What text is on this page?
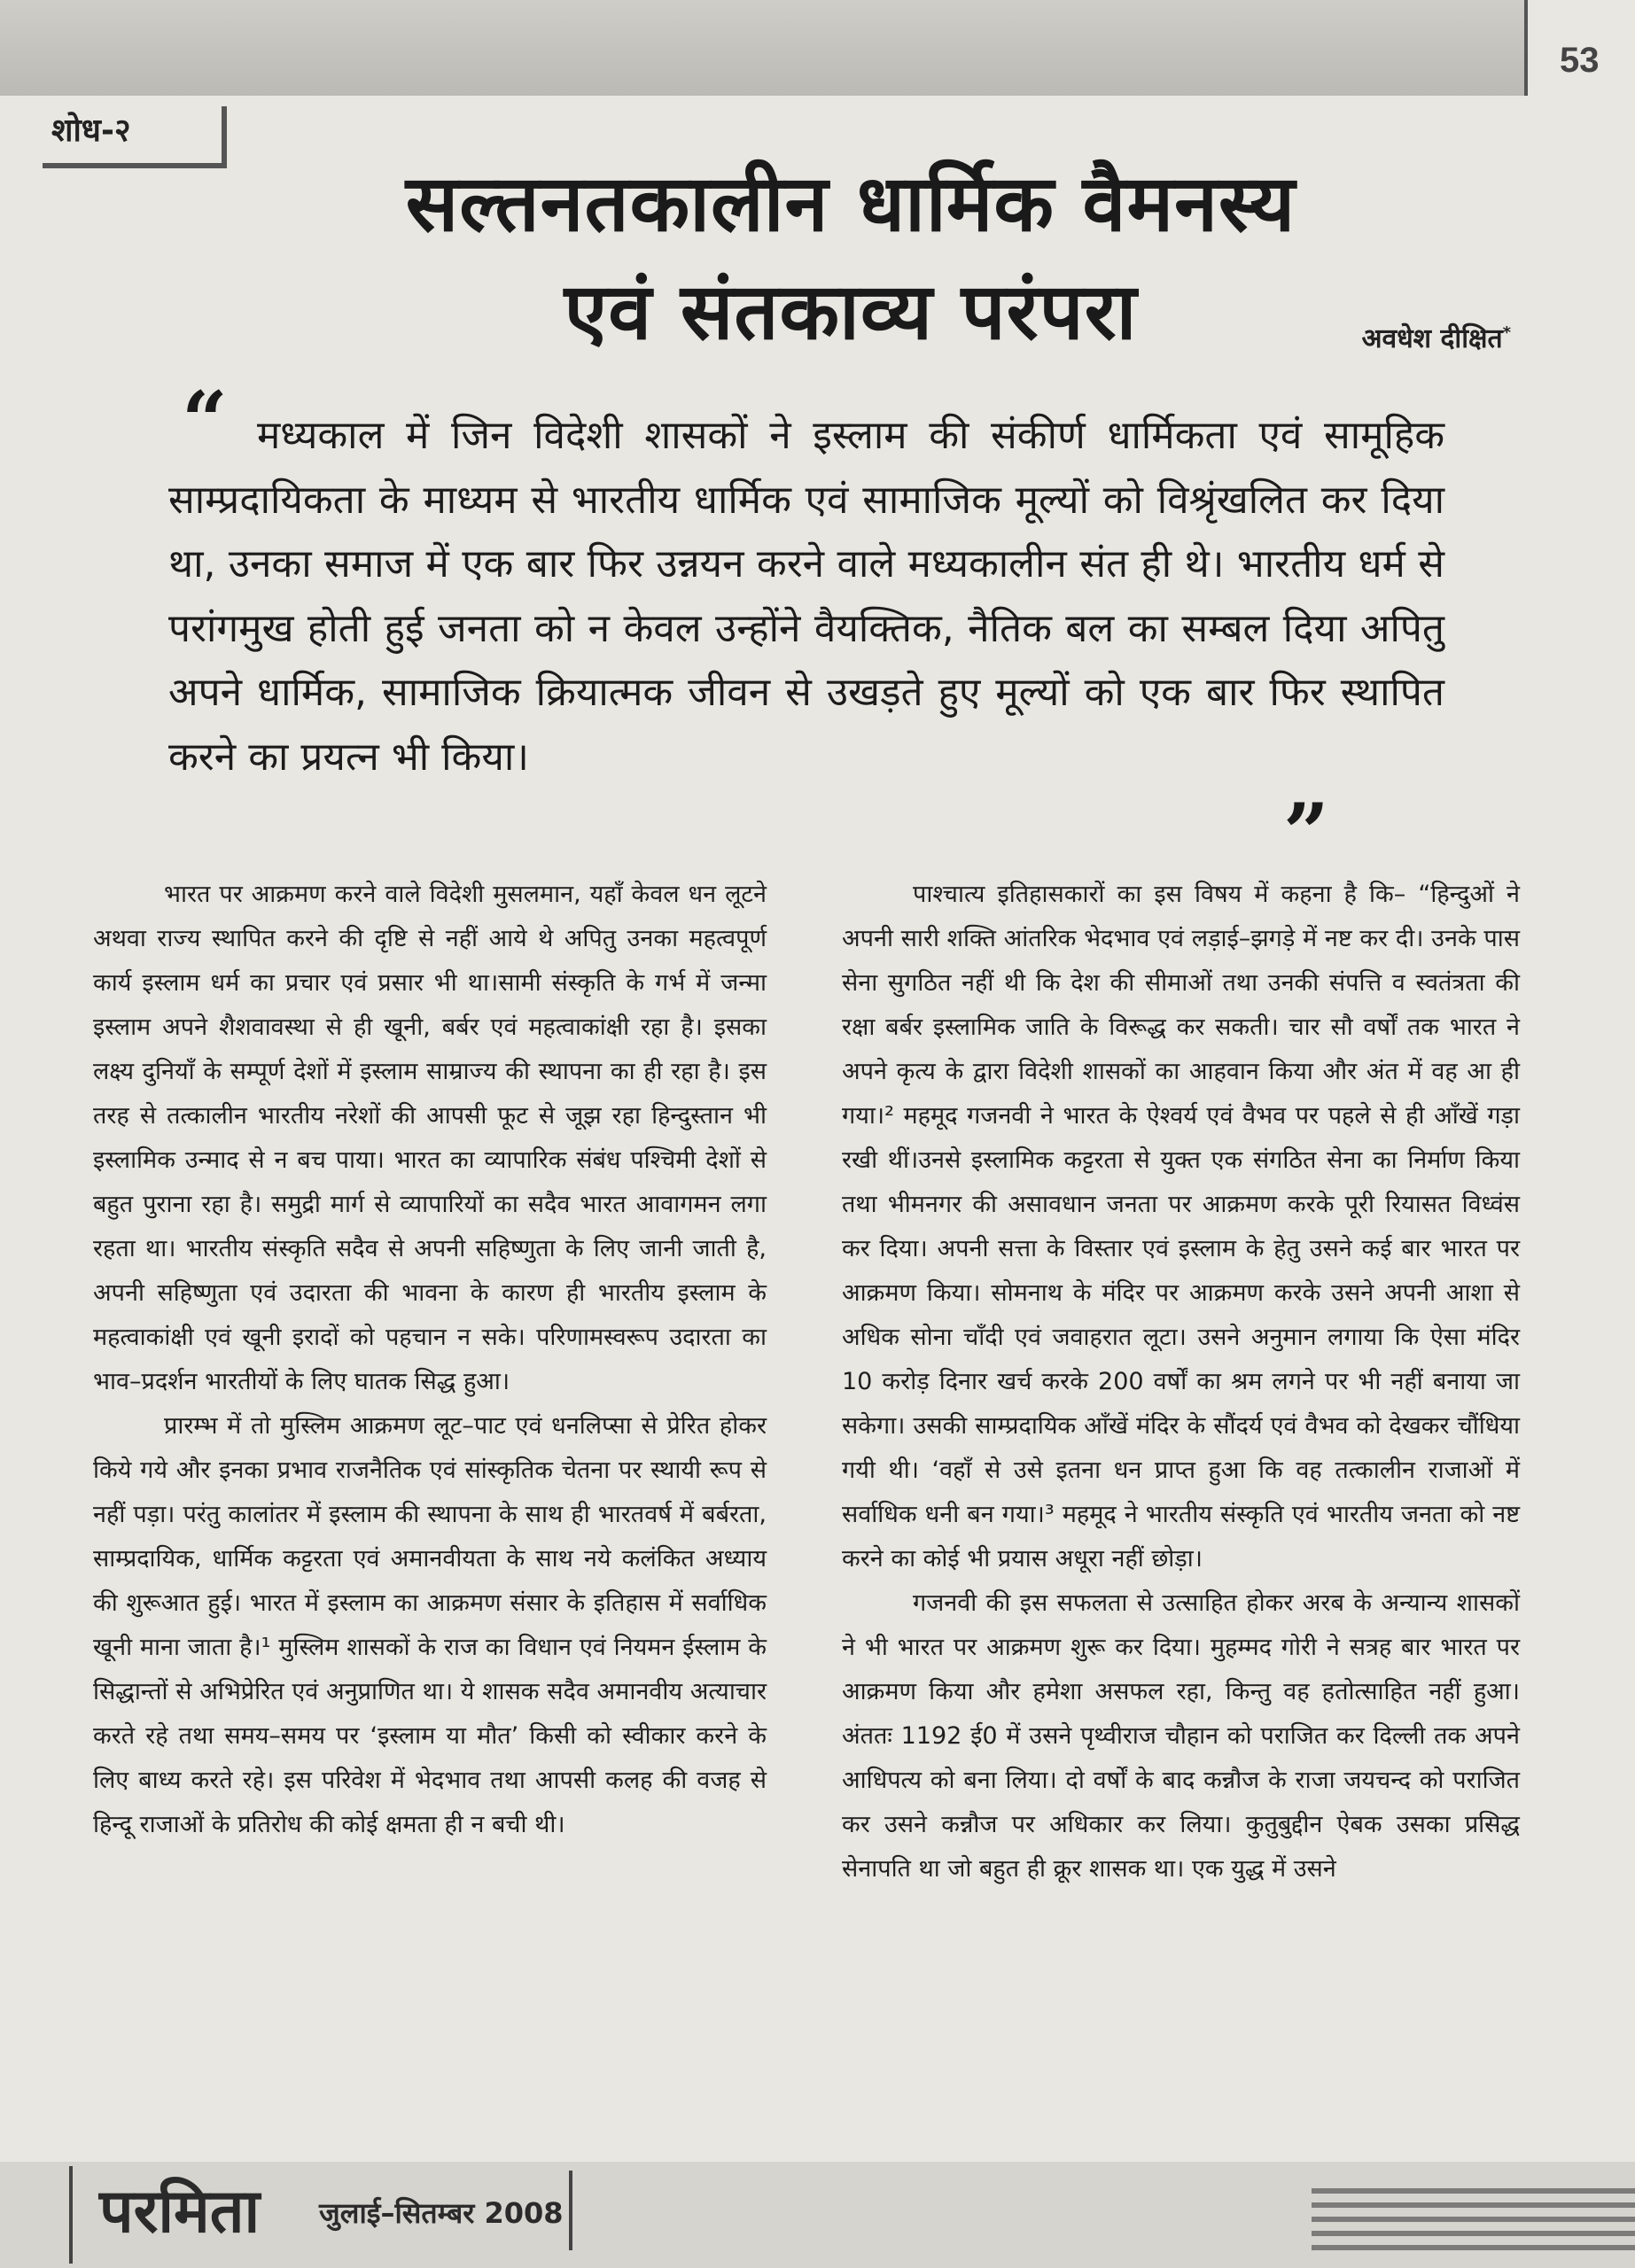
53
शोध-२
सल्तनतकालीन धार्मिक वैमनस्य
एवं संतकाव्य परंपरा	अवधेश दीक्षित*
“ मध्यकाल में जिन विदेशी शासकों ने इस्लाम की संकीर्ण धार्मिकता एवं सामूहिक साम्प्रदायिकता के माध्यम से भारतीय धार्मिक एवं सामाजिक मूल्यों को विश्रृंखलित कर दिया था, उनका समाज में एक बार फिर उन्नयन करने वाले मध्यकालीन संत ही थे। भारतीय धर्म से परांगमुख होती हुई जनता को न केवल उन्होंने वैयक्तिक, नैतिक बल का सम्बल दिया अपितु अपने धार्मिक, सामाजिक क्रियात्मक जीवन से उखड़ते हुए मूल्यों को एक बार फिर स्थापित करने का प्रयत्न भी किया।

”

भारत पर आक्रमण करने वाले विदेशी मुसलमान, यहाँ केवल धन लूटने अथवा राज्य स्थापित करने की दृष्टि से नहीं आये थे अपितु उनका महत्वपूर्ण कार्य इस्लाम धर्म का प्रचार एवं प्रसार भी था।सामी संस्कृति के गर्भ में जन्मा इस्लाम अपने शैशवावस्था से ही खूनी, बर्बर एवं महत्वाकांक्षी रहा है। इसका लक्ष्य दुनियाँ के सम्पूर्ण देशों में इस्लाम साम्राज्य की स्थापना का ही रहा है। इस तरह से तत्कालीन भारतीय नरेशों की आपसी फूट से जूझ रहा हिन्दुस्तान भी इस्लामिक उन्माद से न बच पाया। भारत का व्यापारिक संबंध पश्चिमी देशों से बहुत पुराना रहा है। समुद्री मार्ग से व्यापारियों का सदैव भारत आवागमन लगा रहता था। भारतीय संस्कृति सदैव से अपनी सहिष्णुता के लिए जानी जाती है, अपनी सहिष्णुता एवं उदारता की भावना के कारण ही भारतीय इस्लाम के महत्वाकांक्षी एवं खूनी इरादों को पहचान न सके। परिणामस्वरूप उदारता का भाव–प्रदर्शन भारतीयों के लिए घातक सिद्ध हुआ।

प्रारम्भ में तो मुस्लिम आक्रमण लूट–पाट एवं धनलिप्सा से प्रेरित होकर किये गये और इनका प्रभाव राजनैतिक एवं सांस्कृतिक चेतना पर स्थायी रूप से नहीं पड़ा। परंतु कालांतर में इस्लाम की स्थापना के साथ ही भारतवर्ष में बर्बरता, साम्प्रदायिक, धार्मिक कट्टरता एवं अमानवीयता के साथ नये कलंकित अध्याय की शुरूआत हुई। भारत में इस्लाम का आक्रमण संसार के इतिहास में सर्वाधिक खूनी माना जाता है।¹ मुस्लिम शासकों के राज का विधान एवं नियमन ईस्लाम के सिद्धान्तों से अभिप्रेरित एवं अनुप्राणित था। ये शासक सदैव अमानवीय अत्याचार करते रहे तथा समय–समय पर ‘इस्लाम या मौत’ किसी को स्वीकार करने के लिए बाध्य करते रहे। इस परिवेश में भेदभाव तथा आपसी कलह की वजह से हिन्दू राजाओं के प्रतिरोध की कोई क्षमता ही न बची थी।

पाश्चात्य इतिहासकारों का इस विषय में कहना है कि– “हिन्दुओं ने अपनी सारी शक्ति आंतरिक भेदभाव एवं लड़ाई–झगड़े में नष्ट कर दी। उनके पास सेना सुगठित नहीं थी कि देश की सीमाओं तथा उनकी संपत्ति व स्वतंत्रता की रक्षा बर्बर इस्लामिक जाति के विरूद्ध कर सकती। चार सौ वर्षों तक भारत ने अपने कृत्य के द्वारा विदेशी शासकों का आहवान किया और अंत में वह आ ही गया।² महमूद गजनवी ने भारत के ऐश्वर्य एवं वैभव पर पहले से ही आँखें गड़ा रखी थीं।उनसे इस्लामिक कट्टरता से युक्त एक संगठित सेना का निर्माण किया तथा भीमनगर की असावधान जनता पर आक्रमण करके पूरी रियासत विध्वंस कर दिया। अपनी सत्ता के विस्तार एवं इस्लाम के हेतु उसने कई बार भारत पर आक्रमण किया। सोमनाथ के मंदिर पर आक्रमण करके उसने अपनी आशा से अधिक सोना चाँदी एवं जवाहरात लूटा। उसने अनुमान लगाया कि ऐसा मंदिर 10 करोड़ दिनार खर्च करके 200 वर्षों का श्रम लगने पर भी नहीं बनाया जा सकेगा। उसकी साम्प्रदायिक आँखें मंदिर के सौंदर्य एवं वैभव को देखकर चौंधिया गयी थी। ‘वहाँ से उसे इतना धन प्राप्त हुआ कि वह तत्कालीन राजाओं में सर्वाधिक धनी बन गया।³ महमूद ने भारतीय संस्कृति एवं भारतीय जनता को नष्ट करने का कोई भी प्रयास अधूरा नहीं छोड़ा।

गजनवी की इस सफलता से उत्साहित होकर अरब के अन्यान्य शासकों ने भी भारत पर आक्रमण शुरू कर दिया। मुहम्मद गोरी ने सत्रह बार भारत पर आक्रमण किया और हमेशा असफल रहा, किन्तु वह हतोत्साहित नहीं हुआ। अंततः 1192 ई0 में उसने पृथ्वीराज चौहान को पराजित कर दिल्ली तक अपने आधिपत्य को बना लिया। दो वर्षों के बाद कन्नौज के राजा जयचन्द को पराजित कर उसने कन्नौज पर अधिकार कर लिया। कुतुबुद्दीन ऐबक उसका प्रसिद्ध सेनापति था जो बहुत ही क्रूर शासक था। एक युद्ध में उसने

परमिता जुलाई–सितम्बर 2008
